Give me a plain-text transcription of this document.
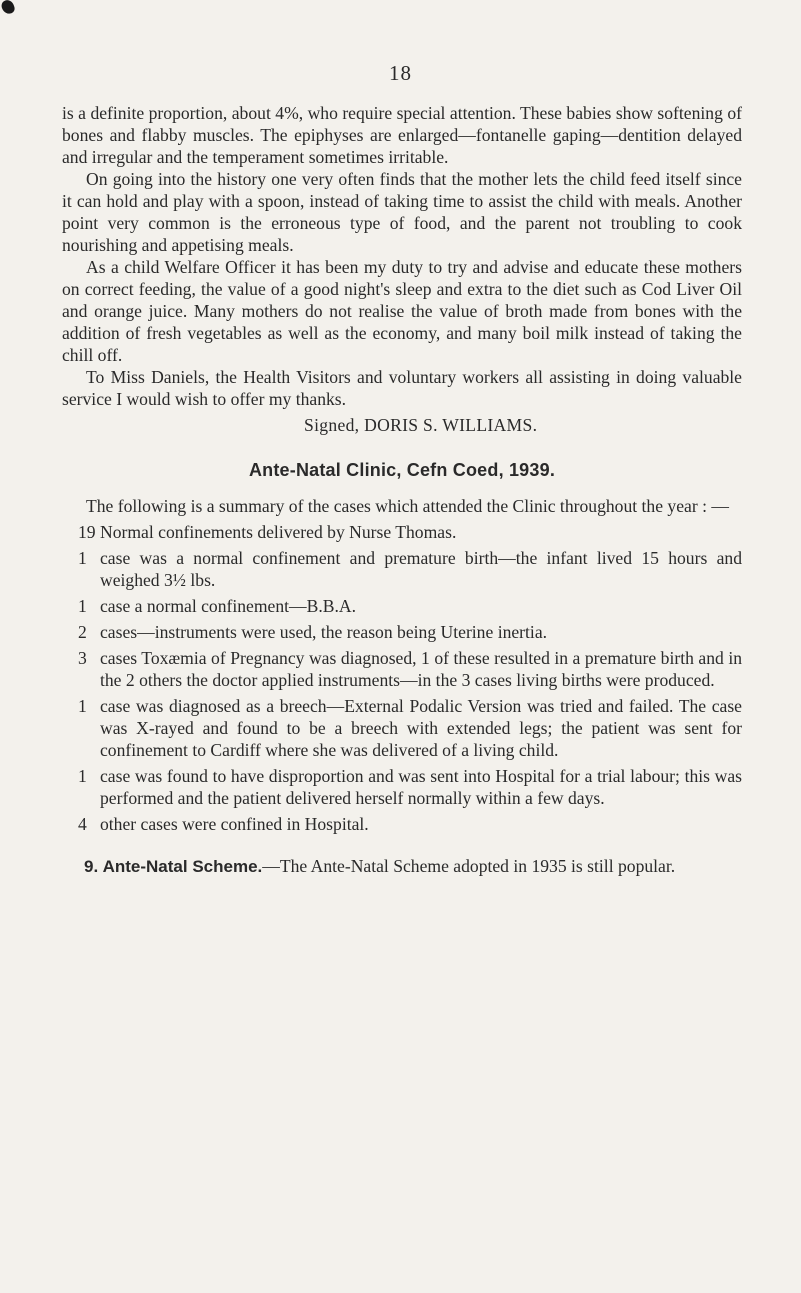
18

is a definite proportion, about 4%, who require special attention. These babies show softening of bones and flabby muscles. The epiphyses are enlarged—fontanelle gaping—dentition delayed and irregular and the temperament sometimes irritable.

On going into the history one very often finds that the mother lets the child feed itself since it can hold and play with a spoon, instead of taking time to assist the child with meals. Another point very common is the erroneous type of food, and the parent not troubling to cook nourishing and appetising meals.

As a child Welfare Officer it has been my duty to try and advise and educate these mothers on correct feeding, the value of a good night's sleep and extra to the diet such as Cod Liver Oil and orange juice. Many mothers do not realise the value of broth made from bones with the addition of fresh vegetables as well as the economy, and many boil milk instead of taking the chill off.

To Miss Daniels, the Health Visitors and voluntary workers all assisting in doing valuable service I would wish to offer my thanks.

Signed, DORIS S. WILLIAMS.

Ante-Natal Clinic, Cefn Coed, 1939.

The following is a summary of the cases which attended the Clinic throughout the year : —

19 Normal confinements delivered by Nurse Thomas.
1 case was a normal confinement and premature birth—the infant lived 15 hours and weighed 3½ lbs.
1 case a normal confinement—B.B.A.
2 cases—instruments were used, the reason being Uterine inertia.
3 cases Toxæmia of Pregnancy was diagnosed, 1 of these resulted in a premature birth and in the 2 others the doctor applied instruments—in the 3 cases living births were produced.
1 case was diagnosed as a breech—External Podalic Version was tried and failed. The case was X-rayed and found to be a breech with extended legs; the patient was sent for confinement to Cardiff where she was delivered of a living child.
1 case was found to have disproportion and was sent into Hospital for a trial labour; this was performed and the patient delivered herself normally within a few days.
4 other cases were confined in Hospital.

9. Ante-Natal Scheme.—The Ante-Natal Scheme adopted in 1935 is still popular.
